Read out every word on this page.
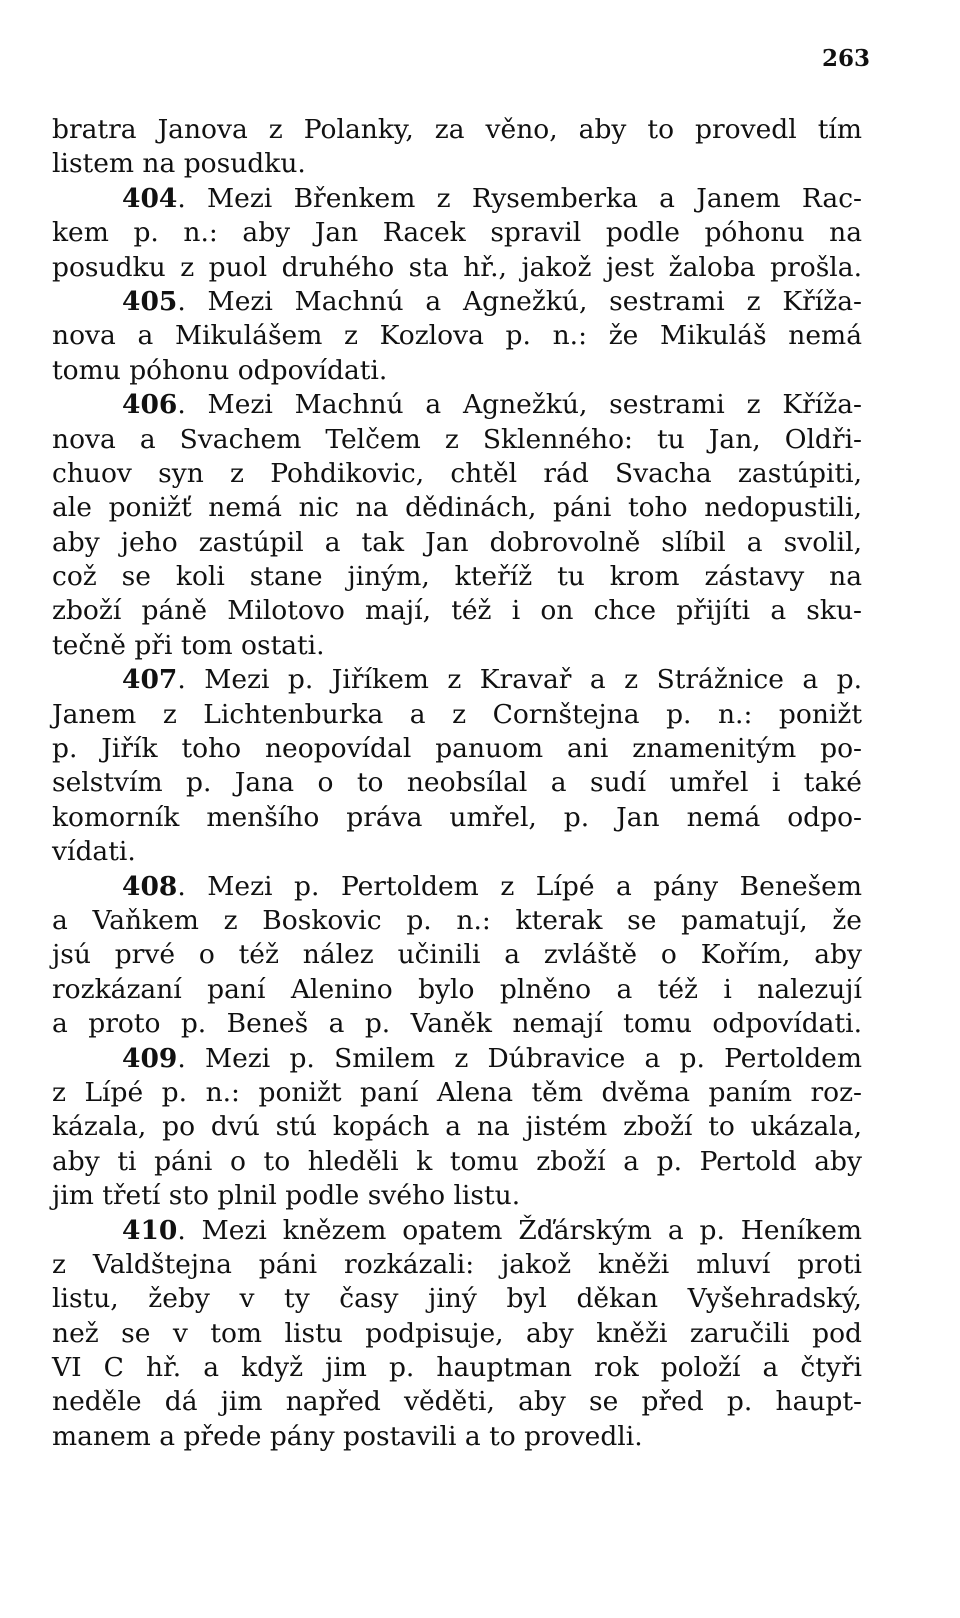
263
bratra Janova z Polanky, za věno, aby to provedl tím
listem na posudku.
404. Mezi Břenkem z Rysemberka a Janem Rac-
kem p. n.: aby Jan Racek spravil podle póhonu na
posudku z puol druhého sta hř., jakož jest žaloba prošla.
405. Mezi Machnú a Agnežkú, sestrami z Křížа-
nova a Mikulášem z Kozlova p. n.: že Mikuláš nemá
tomu póhonu odpovídati.
406. Mezi Machnú a Agnežkú, sestrami z Křížа-
nova a Svachem Telčem z Sklenného: tu Jan, Oldři-
chuov syn z Pohdikovic, chtěl rád Svacha zastúpiti,
ale ponižť nemá nic na dědinách, páni toho nedopustili,
aby jeho zastúpil a tak Jan dobrovolně slíbil a svolil,
což se koli stane jiným, kteříž tu krom zástavy na
zboží páně Milotovo mají, též i on chce přijíti a sku-
tečně při tom ostati.
407. Mezi p. Jiříkem z Kravař a z Strážnice a p.
Janem z Lichtenburka a z Cornštejna p. n.: ponižt
p. Jiřík toho neopovídal panuom ani znamenitým po-
selstvím p. Jana o to neobsílal a sudí umřel i také
komorník menšího práva umřel, p. Jan nemá odpo-
vídati.
408. Mezi p. Pertoldem z Lípé a pány Benešem
a Vaňkem z Boskovic p. n.: kterak se pamatují, že
jsú prvé o též nález učinili a zvláště o Kořím, aby
rozkázaní paní Alenino bylo plněno a též i nalezují
a proto p. Beneš a p. Vaněk nemají tomu odpovídati.
409. Mezi p. Smilem z Dúbravice a p. Pertoldem
z Lípé p. n.: ponižt paní Alena těm dvěma paním roz-
kázala, po dvú stú kopách a na jistém zboží to ukázala,
aby ti páni o to hleděli k tomu zboží a p. Pertold aby
jim třetí sto plnil podle svého listu.
410. Mezi knězem opatem Žďárským a p. Heníkem
z Valdštejna páni rozkázali: jakož kněži mluví proti
listu, žeby v ty časy jiný byl děkan Vyšehradský,
než se v tom listu podpisuje, aby kněži zaručili pod
VI C hř. a když jim p. hauptman rok položí a čtyři
neděle dá jim napřed věděti, aby se před p. haupt-
manem a přede pány postavili a to provedli.
